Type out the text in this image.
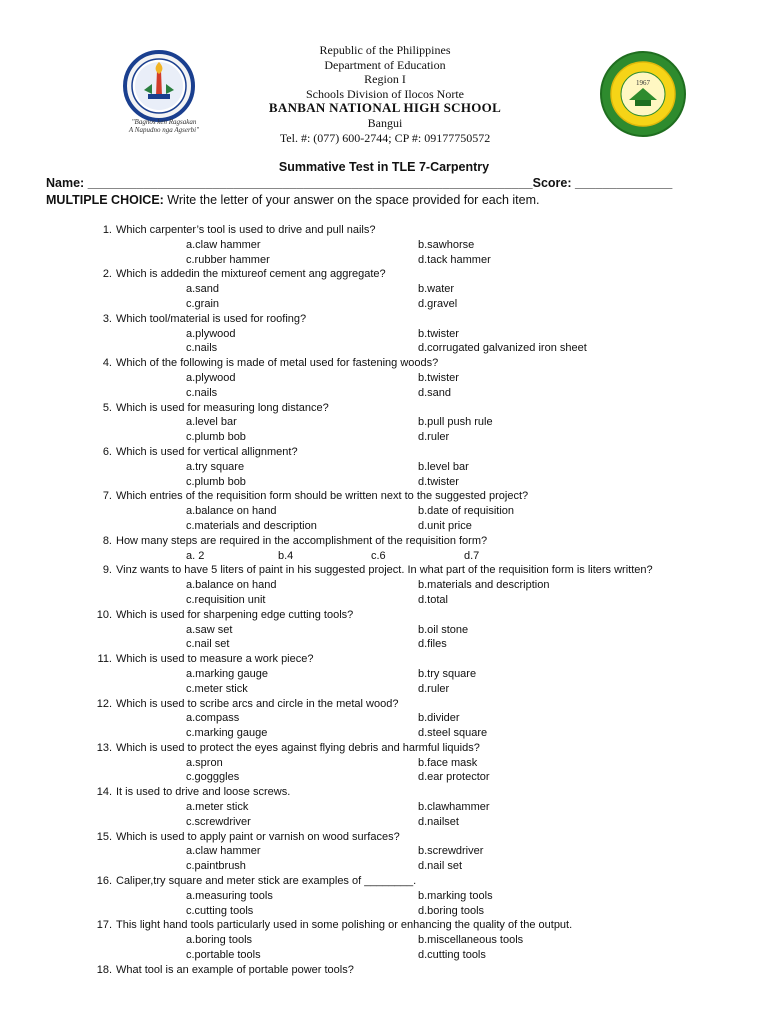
"Bagnos ken Ragsakan
A Napudno nga Agserbi"
1967
Republic of the Philippines
Department of Education
Region I
Schools Division of Ilocos Norte
BANBAN NATIONAL HIGH SCHOOL
Bangui
Tel. #: (077) 600-2744; CP #: 09177750572
Summative Test in TLE 7-Carpentry
Name: ________________________________________________________________Score: ______________
MULTIPLE CHOICE: Write the letter of your answer on the space provided for each item.
1. Which carpenter’s tool is used to drive and pull nails?
a.claw hammer	b.sawhorse
c.rubber hammer	d.tack hammer
2. Which is addedin the mixtureof cement ang aggregate?
a.sand	b.water
c.grain	d.gravel
3. Which tool/material is used for roofing?
a.plywood	b.twister
c.nails	d.corrugated galvanized iron sheet
4. Which of the following is made of metal used for fastening woods?
a.plywood	b.twister
c.nails	d.sand
5. Which is used for measuring long distance?
a.level bar	b.pull push rule
c.plumb bob	d.ruler
6. Which is used for vertical allignment?
a.try square	b.level bar
c.plumb bob	d.twister
7. Which entries of the requisition form should be written next to the suggested project?
a.balance on hand	b.date of requisition
c.materials and description	d.unit price
8. How many steps are required in the accomplishment of the requisition form?
a. 2	b.4	c.6	d.7
9. Vinz wants to have 5 liters of paint in his suggested project. In what part of the requisition form is liters written?
a.balance on hand	b.materials and description
c.requisition unit	d.total
10. Which is used for sharpening edge cutting tools?
a.saw set	b.oil stone
c.nail set	d.files
11. Which is used to measure a work piece?
a.marking gauge	b.try square
c.meter stick	d.ruler
12. Which is used to scribe arcs and circle in the metal wood?
a.compass	b.divider
c.marking gauge	d.steel square
13. Which is used to protect the eyes against flying debris and harmful liquids?
a.spron	b.face mask
c.gogggles	d.ear protector
14. It is used to drive and loose screws.
a.meter stick	b.clawhammer
c.screwdriver	d.nailset
15. Which is used to apply paint or varnish on wood surfaces?
a.claw hammer	b.screwdriver
c.paintbrush	d.nail set
16. Caliper,try square and meter stick are examples of ________.
a.measuring tools	b.marking tools
c.cutting tools	d.boring tools
17. This light hand tools particularly used in some polishing or enhancing the quality of the output.
a.boring tools	b.miscellaneous tools
c.portable tools	d.cutting tools
18. What tool is an example of portable power tools?
